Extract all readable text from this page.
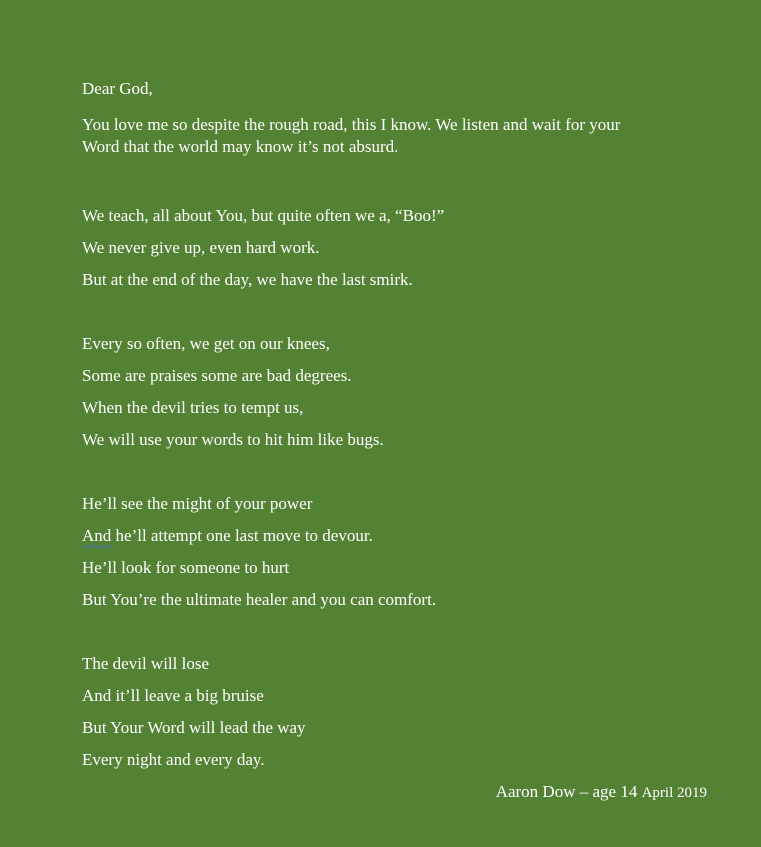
Dear God,

You love me so despite the rough road, this I know. We listen and wait for your

Word that the world may know it’s not absurd.

We teach, all about You, but quite often we a, “Boo!”

We never give up, even hard work.

But at the end of the day, we have the last smirk.

Every so often, we get on our knees,

Some are praises some are bad degrees.

When the devil tries to tempt us,

We will use your words to hit him like bugs.

He’ll see the might of your power

And he’ll attempt one last move to devour.

He’ll look for someone to hurt

But You’re the ultimate healer and you can comfort.

The devil will lose

And it’ll leave a big bruise

But Your Word will lead the way

Every night and every day.

Aaron Dow – age 14 April 2019
